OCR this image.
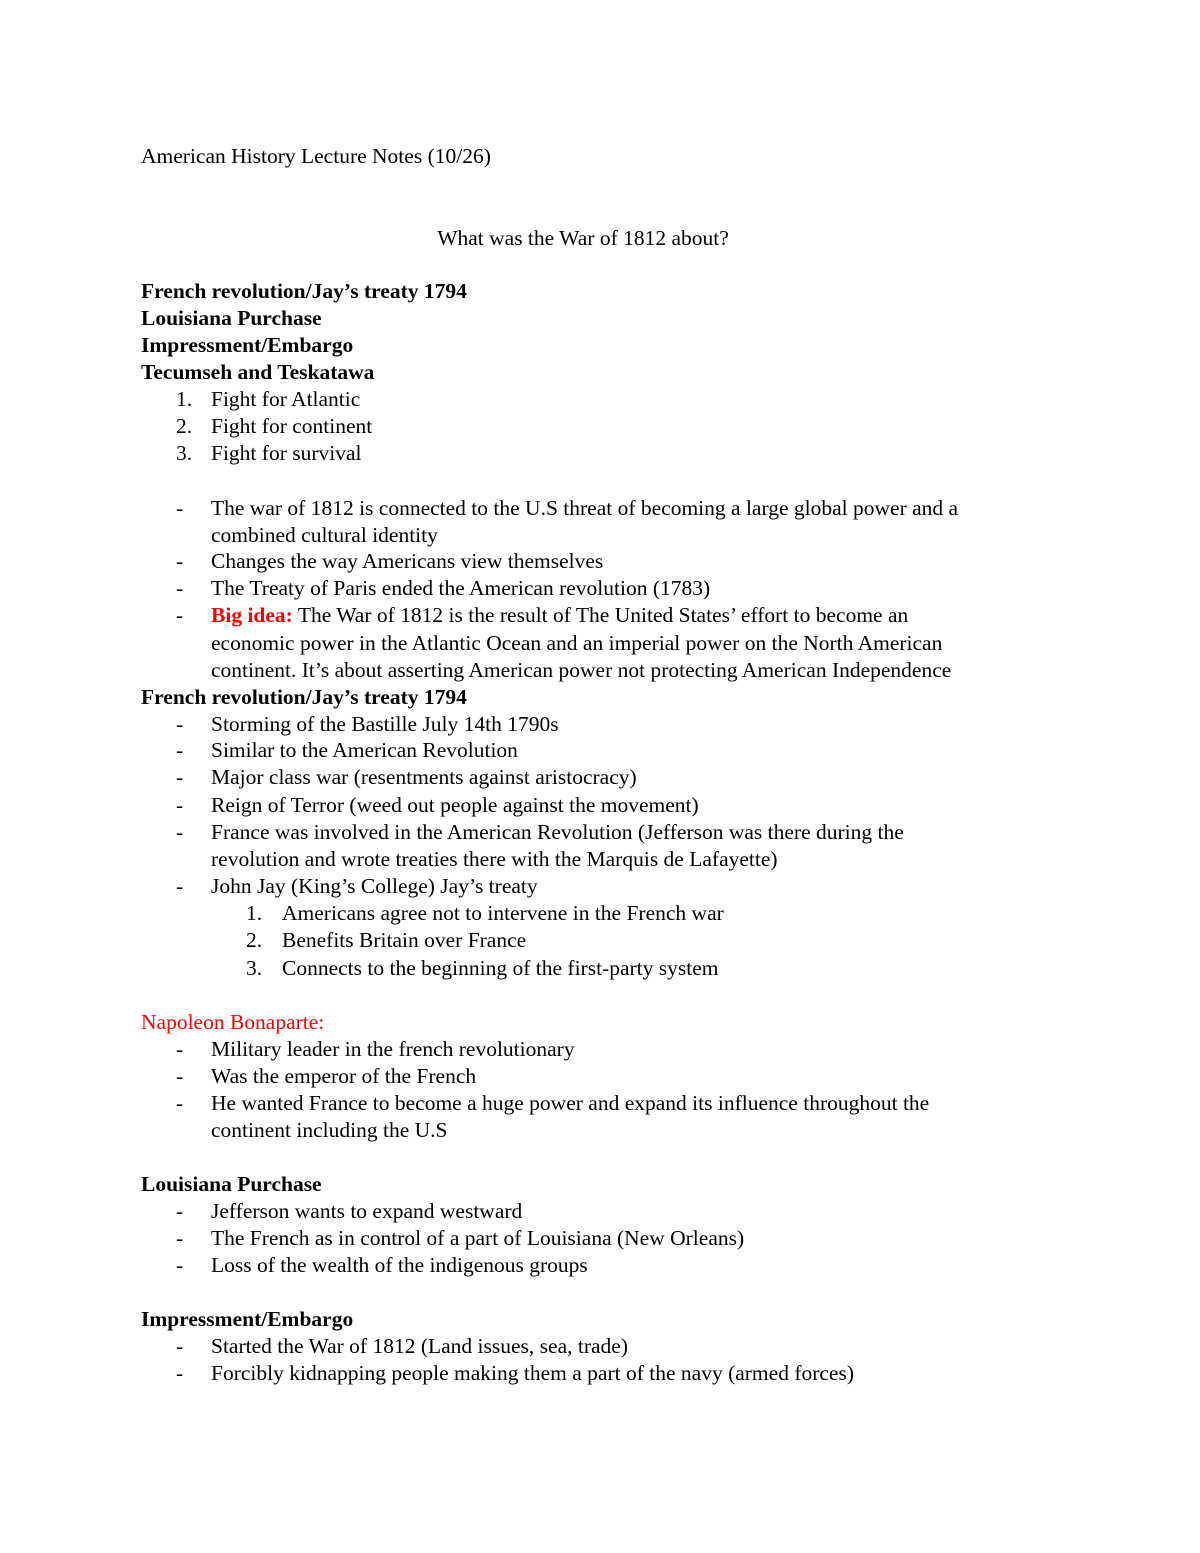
American History Lecture Notes (10/26)
What was the War of 1812 about?
French revolution/Jay’s treaty 1794
Louisiana Purchase
Impressment/Embargo
Tecumseh and Teskatawa
1. Fight for Atlantic
2. Fight for continent
3. Fight for survival
- The war of 1812 is connected to the U.S threat of becoming a large global power and a
combined cultural identity
- Changes the way Americans view themselves
- The Treaty of Paris ended the American revolution (1783)
- Big idea: The War of 1812 is the result of The United States’ effort to become an
economic power in the Atlantic Ocean and an imperial power on the North American
continent. It’s about asserting American power not protecting American Independence
French revolution/Jay’s treaty 1794
- Storming of the Bastille July 14th 1790s
- Similar to the American Revolution
- Major class war (resentments against aristocracy)
- Reign of Terror (weed out people against the movement)
- France was involved in the American Revolution (Jefferson was there during the
revolution and wrote treaties there with the Marquis de Lafayette)
- John Jay (King’s College) Jay’s treaty
1. Americans agree not to intervene in the French war
2. Benefits Britain over France
3. Connects to the beginning of the first-party system
Napoleon Bonaparte:
- Military leader in the french revolutionary
- Was the emperor of the French
- He wanted France to become a huge power and expand its influence throughout the
continent including the U.S
Louisiana Purchase
- Jefferson wants to expand westward
- The French as in control of a part of Louisiana (New Orleans)
- Loss of the wealth of the indigenous groups
Impressment/Embargo
- Started the War of 1812 (Land issues, sea, trade)
- Forcibly kidnapping people making them a part of the navy (armed forces)
